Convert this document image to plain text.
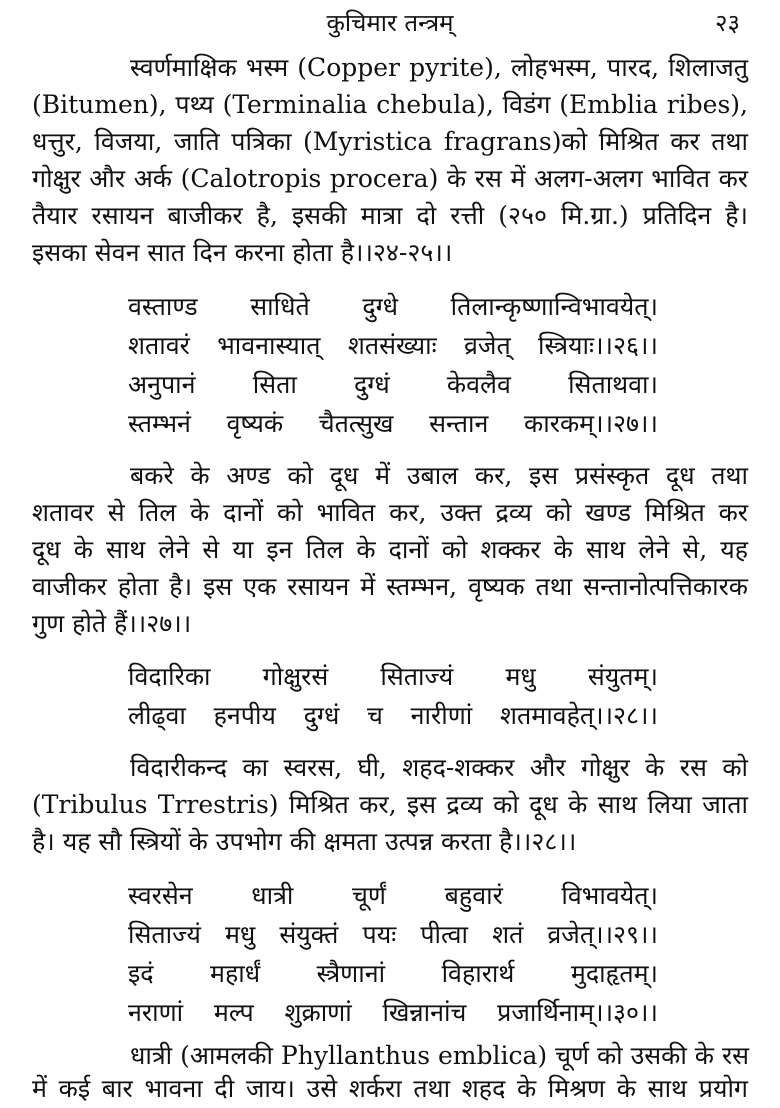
कुचिमार तन्त्रम्	२३
स्वर्णमाक्षिक भस्म (Copper pyrite), लोहभस्म, पारद, शिलाजतु
(Bitumen), पथ्य (Terminalia chebula), विडंग (Emblia ribes),
धत्तुर, विजया, जाति पत्रिका (Myristica fragrans)को मिश्रित कर तथा
गोक्षुर और अर्क (Calotropis procera) के रस में अलग-अलग भावित कर
तैयार रसायन बाजीकर है, इसकी मात्रा दो रत्ती (२५० मि.ग्रा.) प्रतिदिन है।
इसका सेवन सात दिन करना होता है।।२४-२५।।
वस्ताण्ड साधिते दुग्धे तिलान्कृष्णान्विभावयेत्।
शतावरं भावनास्यात् शतसंख्याः व्रजेत् स्त्रियाः।।२६।।
अनुपानं सिता दुग्धं केवलैव सिताथवा।
स्तम्भनं वृष्यकं चैतत्सुख सन्तान कारकम्।।२७।।
बकरे के अण्ड को दूध में उबाल कर, इस प्रसंस्कृत दूध तथा
शतावर से तिल के दानों को भावित कर, उक्त द्रव्य को खण्ड मिश्रित कर
दूध के साथ लेने से या इन तिल के दानों को शक्कर के साथ लेने से, यह
वाजीकर होता है। इस एक रसायन में स्तम्भन, वृष्यक तथा सन्तानोत्पत्तिकारक
गुण होते हैं।।२७।।
विदारिका गोक्षुरसं सिताज्यं मधु संयुतम्।
लीढ्वा हनपीय दुग्धं च नारीणां शतमावहेत्।।२८।।
विदारीकन्द का स्वरस, घी, शहद-शक्कर और गोक्षुर के रस को
(Tribulus Trrestris) मिश्रित कर, इस द्रव्य को दूध के साथ लिया जाता
है। यह सौ स्त्रियों के उपभोग की क्षमता उत्पन्न करता है।।२८।।
स्वरसेन धात्री चूर्णं बहुवारं विभावयेत्।
सिताज्यं मधु संयुक्तं पयः पीत्वा शतं व्रजेत्।।२९।।
इदं महार्धं स्त्रैणानां विहारार्थ मुदाहृतम्।
नराणां मल्प शुक्राणां खिन्नानांच प्रजार्थिनाम्।।३०।।
धात्री (आमलकी Phyllanthus emblica) चूर्ण को उसकी के रस
में कई बार भावना दी जाय। उसे शर्करा तथा शहद के मिश्रण के साथ प्रयोग
